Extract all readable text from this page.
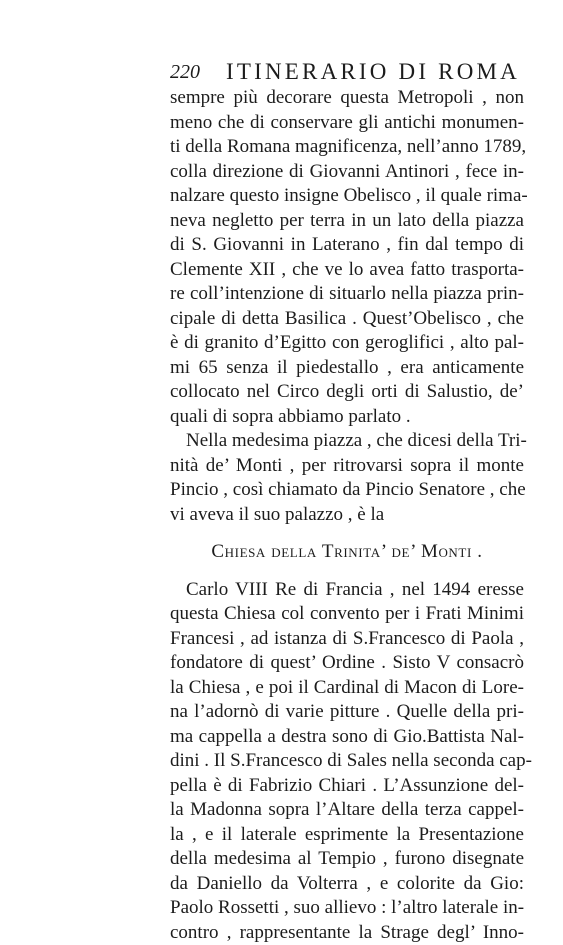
220 ITINERARIO DI ROMA
sempre più decorare questa Metropoli , non
meno che di conservare gli antichi monumen-
ti della Romana magnificenza, nell’anno 1789,
colla direzione di Giovanni Antinori , fece in-
nalzare questo insigne Obelisco , il quale rima-
neva negletto per terra in un lato della piazza
di S. Giovanni in Laterano , fin dal tempo di
Clemente XII , che ve lo avea fatto trasporta-
re coll’intenzione di situarlo nella piazza prin-
cipale di detta Basilica . Quest’Obelisco , che
è di granito d’Egitto con geroglifici , alto pal-
mi 65 senza il piedestallo , era anticamente
collocato nel Circo degli orti di Salustio, de’
quali di sopra abbiamo parlato .
Nella medesima piazza , che dicesi della Tri-
nità de’ Monti , per ritrovarsi sopra il monte
Pincio , così chiamato da Pincio Senatore , che
vi aveva il suo palazzo , è la
Chiesa della Trinita’ de’ Monti .
Carlo VIII Re di Francia , nel 1494 eresse
questa Chiesa col convento per i Frati Minimi
Francesi , ad istanza di S.Francesco di Paola ,
fondatore di quest’ Ordine . Sisto V consacrò
la Chiesa , e poi il Cardinal di Macon di Lore-
na l’adornò di varie pitture . Quelle della pri-
ma cappella a destra sono di Gio.Battista Nal-
dini . Il S.Francesco di Sales nella seconda cap-
pella è di Fabrizio Chiari . L’Assunzione del-
la Madonna sopra l’Altare della terza cappel-
la , e il laterale esprimente la Presentazione
della medesima al Tempio , furono disegnate
da Daniello da Volterra , e colorite da Gio:
Paolo Rossetti , suo allievo : l’altro laterale in-
contro , rappresentante la Strage degl’ Inno-
